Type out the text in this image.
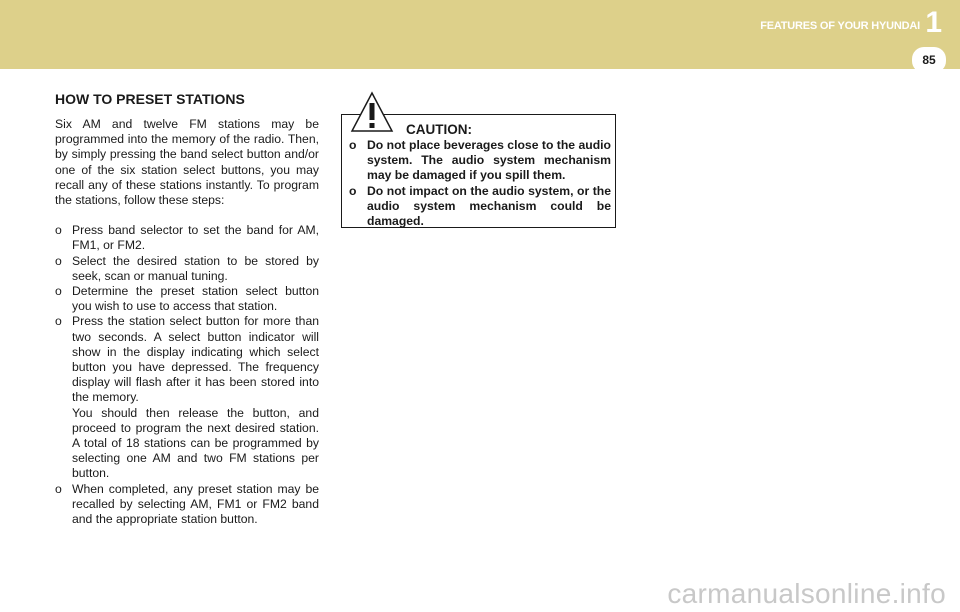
FEATURES OF YOUR HYUNDAI 1
85
HOW TO PRESET STATIONS

Six AM and twelve FM stations may be programmed into the memory of the radio. Then, by simply pressing the band select button and/or one of the six station select buttons, you may recall any of these stations instantly. To program the stations, follow these steps:

o Press band selector to set the band for AM, FM1, or FM2.
o Select the desired station to be stored by seek, scan or manual tuning.
o Determine the preset station select button you wish to use to access that station.
o Press the station select button for more than two seconds. A select button indicator will show in the display indicating which select button you have depressed. The frequency display will flash after it has been stored into the memory.
You should then release the button, and proceed to program the next desired station. A total of 18 stations can be programmed by selecting one AM and two FM stations per button.
o When completed, any preset station may be recalled by selecting AM, FM1 or FM2 band and the appropriate station button.
CAUTION:
o Do not place beverages close to the audio system. The audio system mechanism may be damaged if you spill them.
o Do not impact on the audio system, or the audio system mechanism could be damaged.
carmanualsonline.info
